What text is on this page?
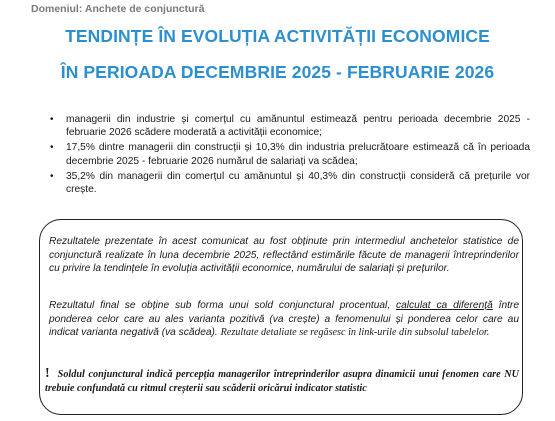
Domeniul: Anchete de conjunctură
TENDINȚE ÎN EVOLUȚIA ACTIVITĂȚII ECONOMICE
ÎN PERIOADA DECEMBRIE 2025 - FEBRUARIE 2026
• managerii din industrie și comerțul cu amănuntul estimează pentru perioada decembrie 2025 - februarie 2026 scădere moderată a activității economice;
• 17,5% dintre managerii din construcții și 10,3% din industria prelucrătoare estimează că în perioada decembrie 2025 - februarie 2026 numărul de salariați va scădea;
• 35,2% din managerii din comerțul cu amănuntul și 40,3% din construcții consideră că prețurile vor crește.
Rezultatele prezentate în acest comunicat au fost obținute prin intermediul anchetelor statistice de conjunctură realizate în luna decembrie 2025, reflectând estimările făcute de managerii întreprinderilor cu privire la tendințele în evoluția activității economice, numărului de salariați și prețurilor.
Rezultatul final se obține sub forma unui sold conjunctural procentual, calculat ca diferență între ponderea celor care au ales varianta pozitivă (va crește) a fenomenului și ponderea celor care au indicat varianta negativă (va scădea). Rezultate detaliate se regăsesc în link-urile din subsolul tabelelor.
! Soldul conjunctural indică percepția managerilor întreprinderilor asupra dinamicii unui fenomen care NU trebuie confundată cu ritmul creșterii sau scăderii oricărui indicator statistic
